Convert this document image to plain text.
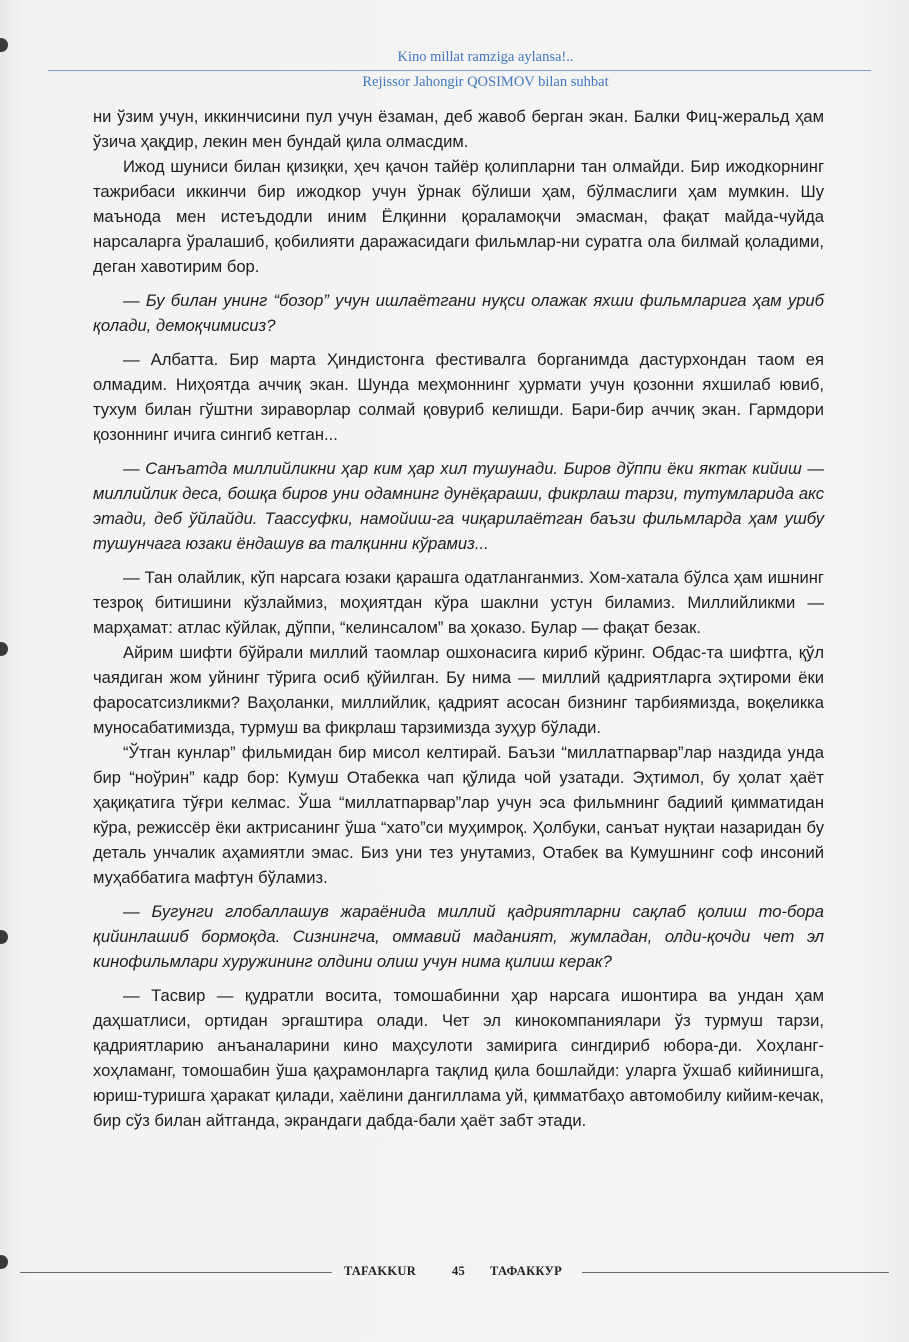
Kino millat ramziga aylansa!..
Rejissor Jahongir QOSIMOV bilan suhbat

ни ўзим учун, иккинчисини пул учун ёзаман, деб жавоб берган экан. Балки Фиц-жеральд ҳам ўзича ҳақдир, лекин мен бундай қила олмасдим.

Ижод шуниси билан қизиқки, ҳеч қачон тайёр қолипларни тан олмайди. Бир ижодкорнинг тажрибаси иккинчи бир ижодкор учун ўрнак бўлиши ҳам, бўлмаслиги ҳам мумкин. Шу маънода мен истеъдодли иним Ёлқинни қораламоқчи эмасман, фақат майда-чуйда нарсаларга ўралашиб, қобилияти даражасидаги фильмлар-ни суратга ола билмай қоладими, деган хавотирим бор.

— Бу билан унинг “бозор” учун ишлаётгани нуқси олажак яхши фильмларига ҳам уриб қолади, демоқчимисиз?

— Албатта. Бир марта Ҳиндистонга фестивалга борганимда дастурхондан таом ея олмадим. Ниҳоятда аччиқ экан. Шунда меҳмоннинг ҳурмати учун қозонни яхшилаб ювиб, тухум билан гўштни зираворлар солмай қовуриб келишди. Бари-бир аччиқ экан. Гармдори қозоннинг ичига сингиб кетган...

— Санъатда миллийликни ҳар ким ҳар хил тушунади. Биров дўппи ёки яктак кийиш — миллийлик деса, бошқа биров уни одамнинг дунёқараши, фикрлаш тарзи, тутумларида акс этади, деб ўйлайди. Таассуфки, намойиш-га чиқарилаётган баъзи фильмларда ҳам ушбу тушунчага юзаки ёндашув ва талқинни кўрамиз...

— Тан олайлик, кўп нарсага юзаки қарашга одатланганмиз. Хом-хатала бўлса ҳам ишнинг тезроқ битишини кўзлаймиз, моҳиятдан кўра шаклни устун биламиз. Миллийликми — марҳамат: атлас кўйлак, дўппи, “келинсалом” ва ҳоказо. Булар — фақат безак.

Айрим шифти бўйрали миллий таомлар ошхонасига кириб кўринг. Обдас-та шифтга, қўл чаядиган жом уйнинг тўрига осиб қўйилган. Бу нима — миллий қадриятларга эҳтироми ёки фаросатсизликми? Ваҳоланки, миллийлик, қадрият асосан бизнинг тарбиямизда, воқеликка муносабатимизда, турмуш ва фикрлаш тарзимизда зуҳур бўлади.

“Ўтган кунлар” фильмидан бир мисол келтирай. Баъзи “миллатпарвар”лар наздида унда бир “ноўрин” кадр бор: Кумуш Отабекка чап қўлида чой узатади. Эҳтимол, бу ҳолат ҳаёт ҳақиқатига тўғри келмас. Ўша “миллатпарвар”лар учун эса фильмнинг бадиий қимматидан кўра, режиссёр ёки актрисанинг ўша “хато”си муҳимроқ. Ҳолбуки, санъат нуқтаи назаридан бу деталь унчалик аҳамиятли эмас. Биз уни тез унутамиз, Отабек ва Кумушнинг соф инсоний муҳаббатига мафтун бўламиз.

— Бугунги глобаллашув жараёнида миллий қадриятларни сақлаб қолиш то-бора қийинлашиб бормоқда. Сизнингча, оммавий маданият, жумладан, олди-қочди чет эл кинофильмлари хуружининг олдини олиш учун нима қилиш керак?

— Тасвир — қудратли восита, томошабинни ҳар нарсага ишонтира ва ундан ҳам даҳшатлиси, ортидан эргаштира олади. Чет эл кинокомпаниялари ўз турмуш тарзи, қадриятларию анъаналарини кино маҳсулоти замирига сингдириб юбора-ди. Хоҳланг-хоҳламанг, томошабин ўша қаҳрамонларга тақлид қила бошлайди: уларга ўхшаб кийинишга, юриш-туришга ҳаракат қилади, хаёлини дангиллама уй, қимматбаҳо автомобилу кийим-кечак, бир сўз билан айтганда, экрандаги дабда-бали ҳаёт забт этади.

TAFAKKUR	45 ТАФАККУР
